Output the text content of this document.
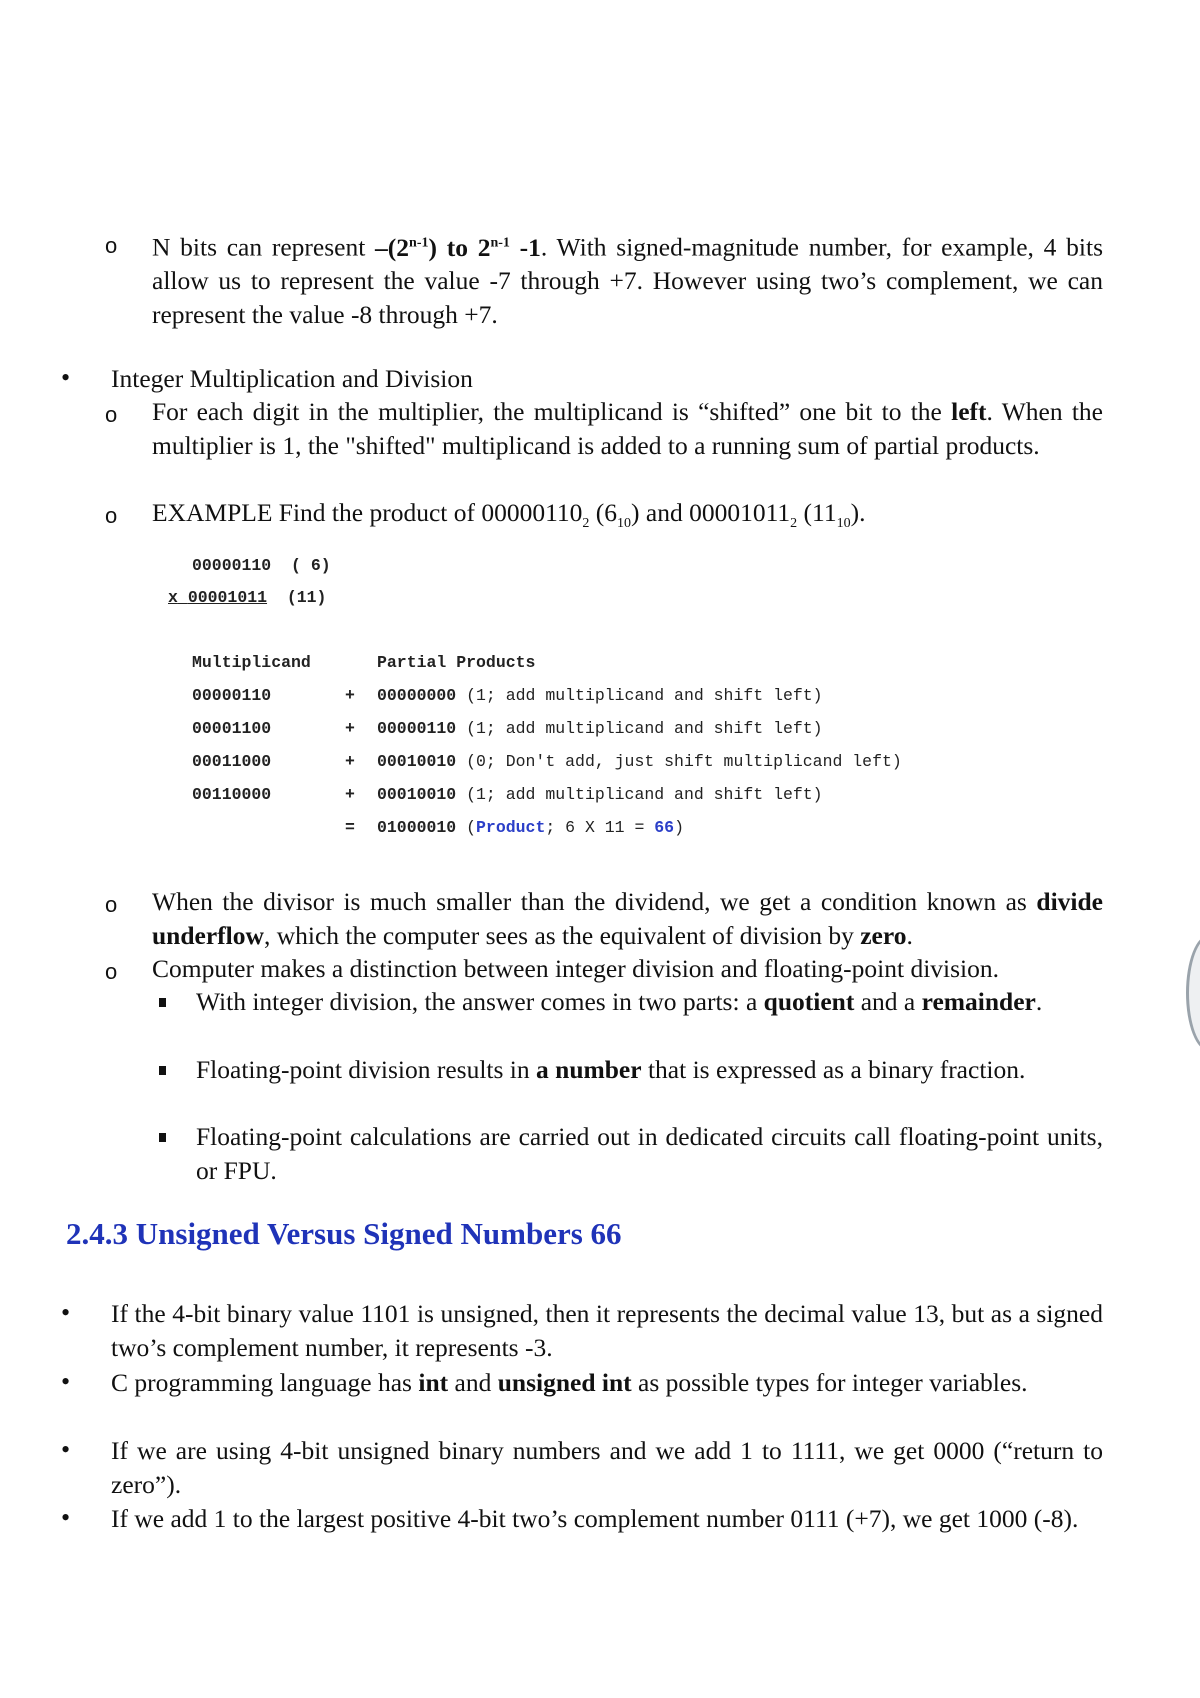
o N bits can represent –(2$^{n-1}$) to 2$^{n-1}$ -1. With signed-magnitude number, for example, 4 bits allow us to represent the value -7 through +7. However using two’s complement, we can represent the value -8 through +7.
• Integer Multiplication and Division
o For each digit in the multiplier, the multiplicand is “shifted” one bit to the left. When the multiplier is 1, the "shifted" multiplicand is added to a running sum of partial products.
o EXAMPLE Find the product of $00000110_2$ $(6_{10})$ and $00001011_2$ $(11_{10})$.
00000110  ( 6)
x 00001011  (11)
Multiplicand	Partial Products
00000110	+ 00000000 (1; add multiplicand and shift left)
00001100	+ 00000110 (1; add multiplicand and shift left)
00011000	+ 00010010 (0; Don't add, just shift multiplicand left)
00110000	+ 00010010 (1; add multiplicand and shift left)
= 01000010 (Product; 6 X 11 = 66)
o When the divisor is much smaller than the dividend, we get a condition known as divide underflow, which the computer sees as the equivalent of division by zero.
o Computer makes a distinction between integer division and floating-point division.
With integer division, the answer comes in two parts: a quotient and a remainder.
Floating-point division results in a number that is expressed as a binary fraction.
Floating-point calculations are carried out in dedicated circuits call floating-point units, or FPU.
2.4.3 Unsigned Versus Signed Numbers 66
• If the 4-bit binary value 1101 is unsigned, then it represents the decimal value 13, but as a signed two’s complement number, it represents -3.
• C programming language has int and unsigned int as possible types for integer variables.
• If we are using 4-bit unsigned binary numbers and we add 1 to 1111, we get 0000 (“return to zero”).
• If we add 1 to the largest positive 4-bit two’s complement number 0111 (+7), we get 1000 (-8).
